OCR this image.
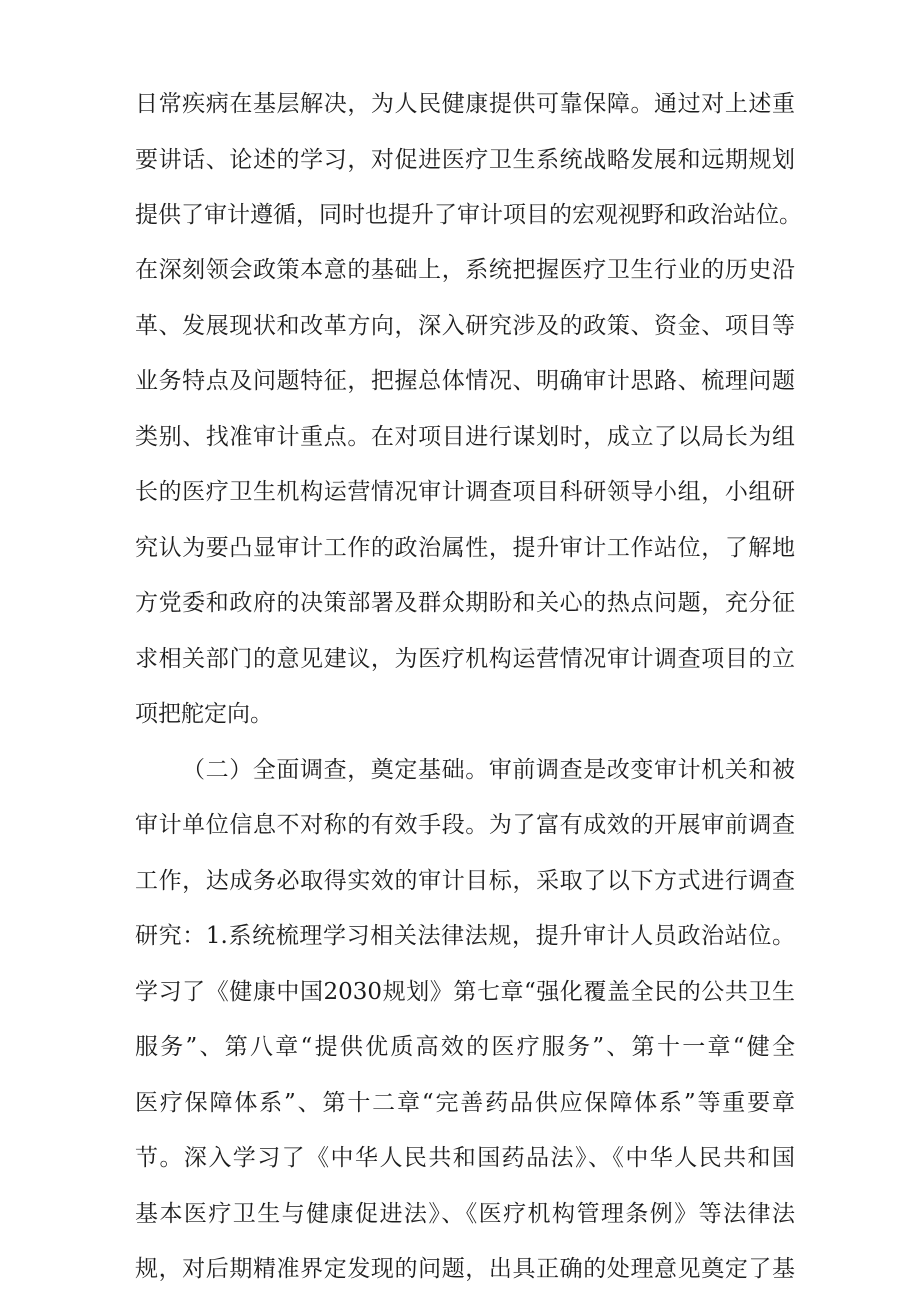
日常疾病在基层解决，为人民健康提供可靠保障。通过对上述重
要讲话、论述的学习，对促进医疗卫生系统战略发展和远期规划
提供了审计遵循，同时也提升了审计项目的宏观视野和政治站位。
在深刻领会政策本意的基础上，系统把握医疗卫生行业的历史沿
革、发展现状和改革方向，深入研究涉及的政策、资金、项目等
业务特点及问题特征，把握总体情况、明确审计思路、梳理问题
类别、找准审计重点。在对项目进行谋划时，成立了以局长为组
长的医疗卫生机构运营情况审计调查项目科研领导小组，小组研
究认为要凸显审计工作的政治属性，提升审计工作站位，了解地
方党委和政府的决策部署及群众期盼和关心的热点问题，充分征
求相关部门的意见建议，为医疗机构运营情况审计调查项目的立
项把舵定向。
（二）全面调查，奠定基础。审前调查是改变审计机关和被
审计单位信息不对称的有效手段。为了富有成效的开展审前调查
工作，达成务必取得实效的审计目标，采取了以下方式进行调查
研究：1.系统梳理学习相关法律法规，提升审计人员政治站位。
学习了《健康中国2030规划》第七章“强化覆盖全民的公共卫生
服务”、第八章“提供优质高效的医疗服务”、第十一章“健全
医疗保障体系”、第十二章“完善药品供应保障体系”等重要章
节。深入学习了《中华人民共和国药品法》、《中华人民共和国
基本医疗卫生与健康促进法》、《医疗机构管理条例》等法律法
规，对后期精准界定发现的问题，出具正确的处理意见奠定了基
